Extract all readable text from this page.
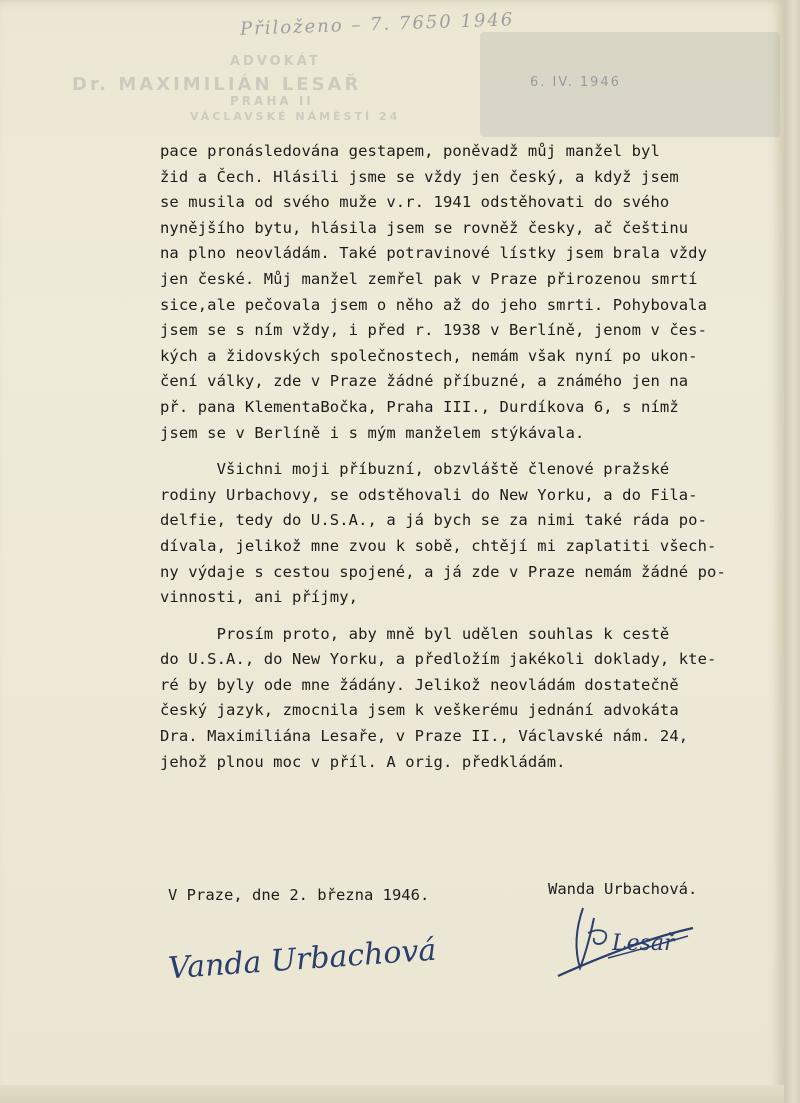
ADVOKÁT
Dr. MAXIMILIÁN LESAŘ
PRAHA II
VÁCLAVSKÉ NÁMĚSTÍ 24
Přiloženo – 7. 7650 1946
6. IV. 1946
pace pronásledována gestapem, poněvadž můj manžel byl
žid a Čech. Hlásili jsme se vždy jen český, a když jsem
se musila od svého muže v.r. 1941 odstěhovati do svého
nynějšího bytu, hlásila jsem se rovněž česky, ač češtinu
na plno neovládám. Také potravinové lístky jsem brala vždy
jen české. Můj manžel zemřel pak v Praze přirozenou smrtí
sice,ale pečovala jsem o něho až do jeho smrti. Pohybovala
jsem se s ním vždy, i před r. 1938 v Berlíně, jenom v čes-
kých a židovských společnostech, nemám však nyní po ukon-
čení války, zde v Praze žádné příbuzné, a známého jen na
př. pana KlementaBočka, Praha III., Durdíkova 6, s nímž
jsem se v Berlíně i s mým manželem stýkávala.
Všichni moji příbuzní, obzvláště členové pražské
rodiny Urbachovy, se odstěhovali do New Yorku, a do Fila-
delfie, tedy do U.S.A., a já bych se za nimi také ráda po-
dívala, jelikož mne zvou k sobě, chtějí mi zaplatiti všech-
ny výdaje s cestou spojené, a já zde v Praze nemám žádné po-
vinnosti, ani příjmy,
Prosím proto, aby mně byl udělen souhlas k cestě
do U.S.A., do New Yorku, a předložím jakékoli doklady, kte-
ré by byly ode mne žádány. Jelikož neovládám dostatečně
český jazyk, zmocnila jsem k veškerému jednání advokáta
Dra. Maximiliána Lesaře, v Praze II., Václavské nám. 24,
jehož plnou moc v příl. A orig. předkládám.

V Praze, dne 2. března 1946.

	Wanda Urbachová.

Vanda Urbachová	Lesař
